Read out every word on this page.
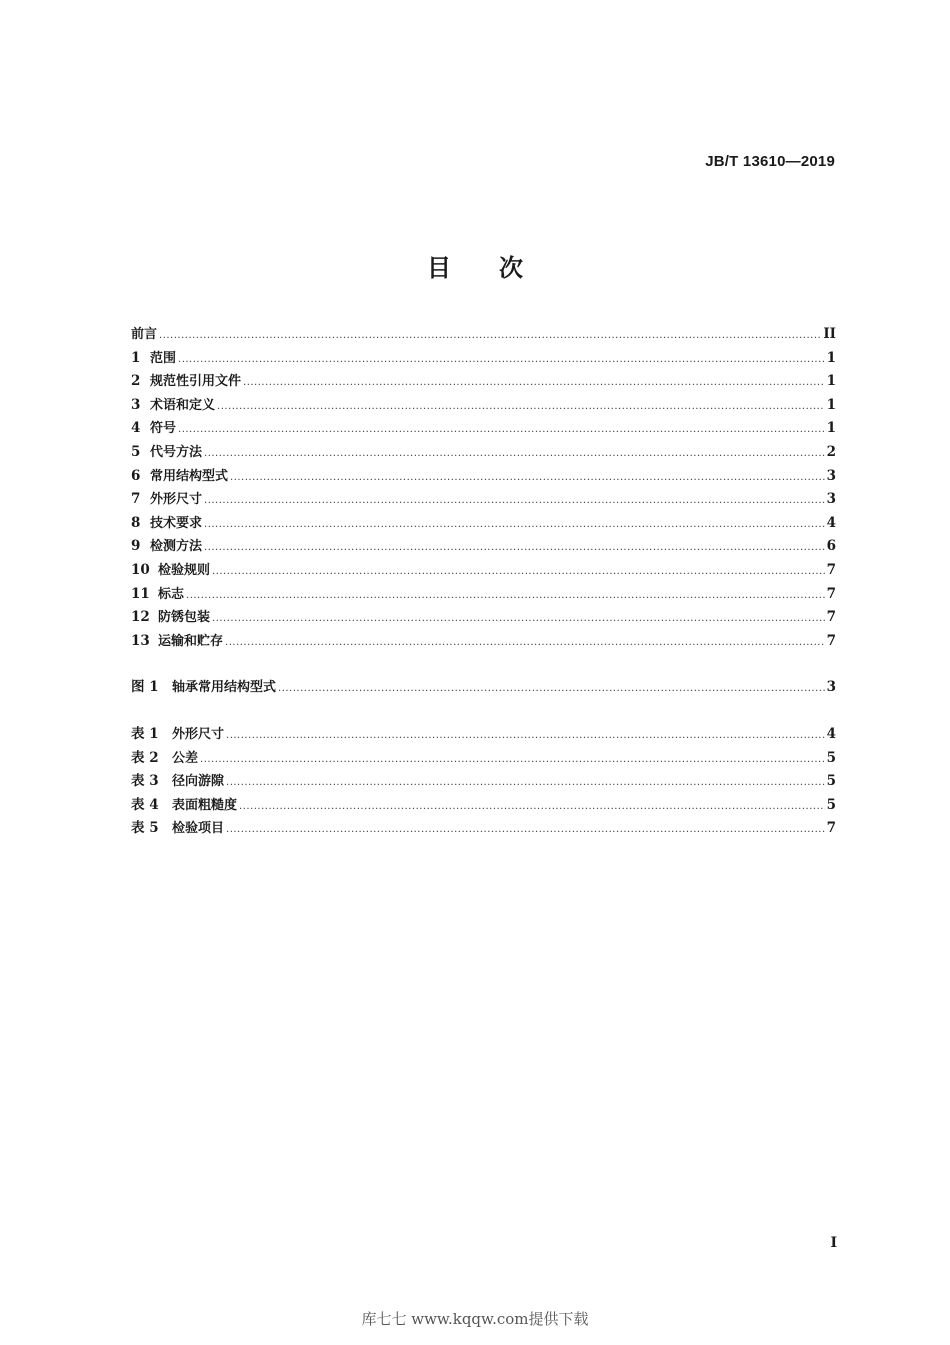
JB/T 13610—2019
目 次
前言 .....	II
1 范围 .....	1
2 规范性引用文件 .....	1
3 术语和定义 .....	1
4 符号 .....	1
5 代号方法 .....	2
6 常用结构型式 .....	3
7 外形尺寸 .....	3
8 技术要求 .....	4
9 检测方法 .....	6
10 检验规则 .....	7
11 标志 .....	7
12 防锈包装 .....	7
13 运输和贮存 .....	7
图 1	轴承常用结构型式 .....	3
表 1	外形尺寸 .....	4
表 2	公差 .....	5
表 3	径向游隙 .....	5
表 4	表面粗糙度 .....	5
表 5	检验项目 .....	7
I
库七七 www.kqqw.com提供下载
